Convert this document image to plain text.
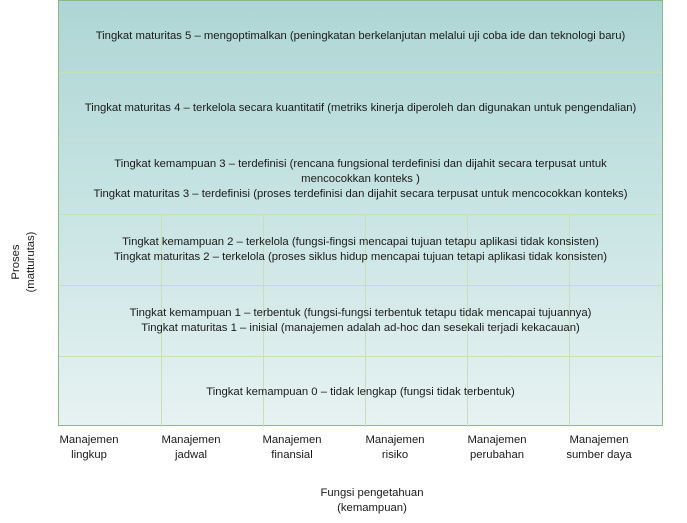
Proses (matturutas)
Tingkat maturitas 5 – mengoptimalkan (peningkatan berkelanjutan melalui uji coba ide dan teknologi baru)
Tingkat maturitas 4 – terkelola secara kuantitatif (metriks kinerja diperoleh dan digunakan untuk pengendalian)
Tingkat kemampuan 3 – terdefinisi (rencana fungsional terdefinisi dan dijahit secara terpusat untuk
mencocokkan konteks )
Tingkat maturitas 3 – terdefinisi (proses terdefinisi dan dijahit secara terpusat untuk mencocokkan konteks)
Tingkat kemampuan 2 – terkelola (fungsi-fingsi mencapai tujuan tetapu aplikasi tidak konsisten)
Tingkat maturitas 2 – terkelola (proses siklus hidup mencapai tujuan tetapi aplikasi tidak konsisten)
Tingkat kemampuan 1 – terbentuk (fungsi-fungsi terbentuk tetapu tidak mencapai tujuannya)
Tingkat maturitas 1 – inisial (manajemen adalah ad-hoc dan sesekali terjadi kekacauan)
Tingkat kemampuan 0 – tidak lengkap (fungsi tidak terbentuk)
Manajemen
lingkup
Manajemen
jadwal
Manajemen
finansial
Manajemen
risiko
Manajemen
perubahan
Manajemen
sumber daya
Fungsi pengetahuan
(kemampuan)
